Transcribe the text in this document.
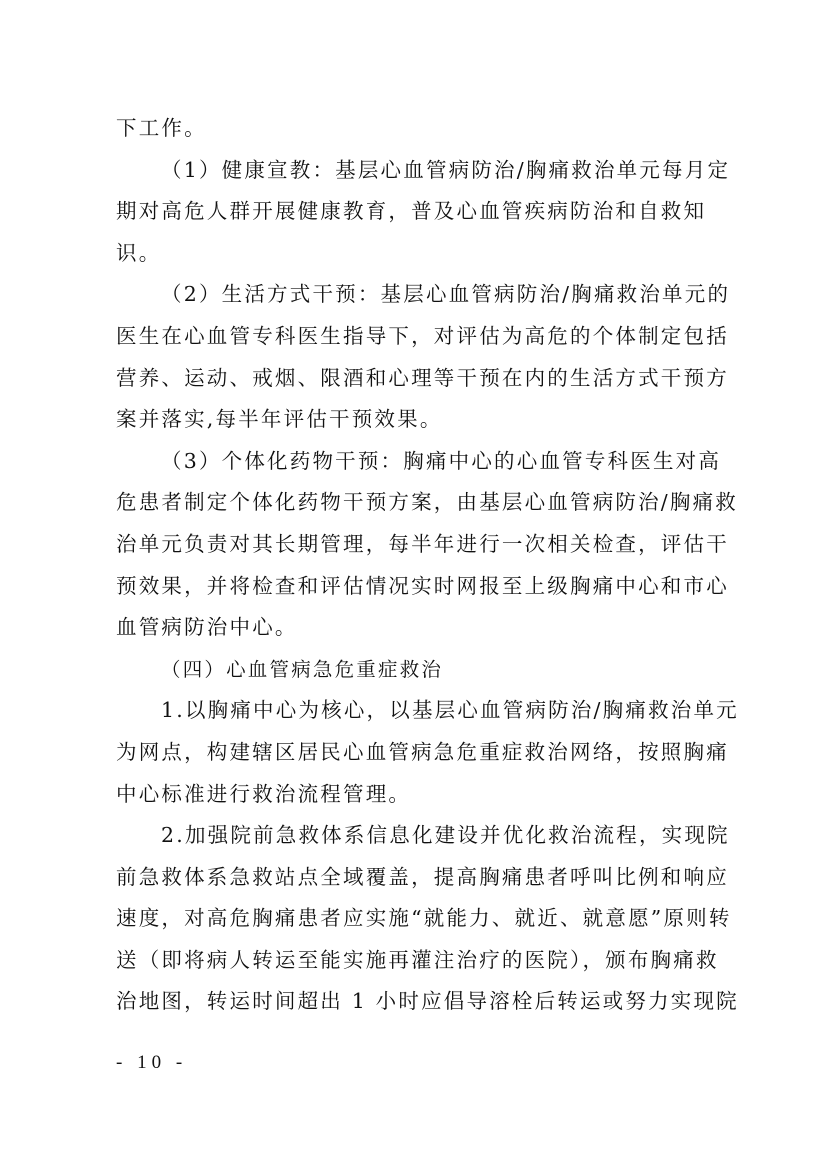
下工作。
（1）健康宣教：基层心血管病防治/胸痛救治单元每月定
期对高危人群开展健康教育，普及心血管疾病防治和自救知
识。
（2）生活方式干预：基层心血管病防治/胸痛救治单元的
医生在心血管专科医生指导下，对评估为高危的个体制定包括
营养、运动、戒烟、限酒和心理等干预在内的生活方式干预方
案并落实,每半年评估干预效果。
（3）个体化药物干预：胸痛中心的心血管专科医生对高
危患者制定个体化药物干预方案，由基层心血管病防治/胸痛救
治单元负责对其长期管理，每半年进行一次相关检查，评估干
预效果，并将检查和评估情况实时网报至上级胸痛中心和市心
血管病防治中心。
（四）心血管病急危重症救治
1.以胸痛中心为核心，以基层心血管病防治/胸痛救治单元
为网点，构建辖区居民心血管病急危重症救治网络，按照胸痛
中心标准进行救治流程管理。
2.加强院前急救体系信息化建设并优化救治流程，实现院
前急救体系急救站点全域覆盖，提高胸痛患者呼叫比例和响应
速度，对高危胸痛患者应实施“就能力、就近、就意愿”原则转
送（即将病人转运至能实施再灌注治疗的医院），颁布胸痛救
治地图，转运时间超出 1 小时应倡导溶栓后转运或努力实现院
- 10 -
